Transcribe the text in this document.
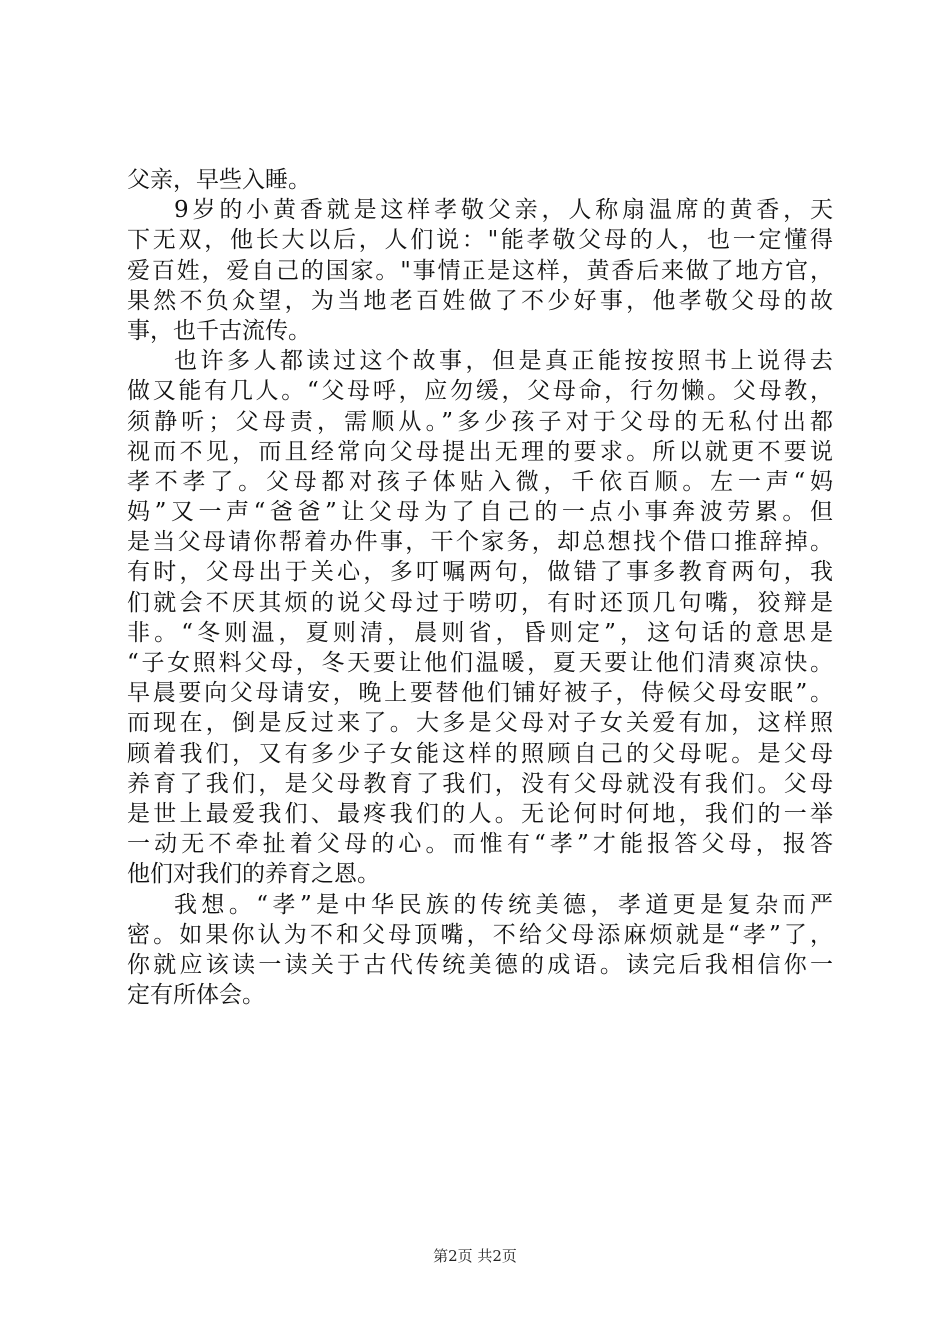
父亲，早些入睡。
9岁的小黄香就是这样孝敬父亲，人称扇温席的黄香，天
下无双，他长大以后，人们说："能孝敬父母的人，也一定懂得
爱百姓，爱自己的国家。"事情正是这样，黄香后来做了地方官，
果然不负众望，为当地老百姓做了不少好事，他孝敬父母的故
事，也千古流传。
也许多人都读过这个故事，但是真正能按按照书上说得去
做又能有几人。“父母呼，应勿缓，父母命，行勿懒。父母教，
须静听；父母责，需顺从。”多少孩子对于父母的无私付出都
视而不见，而且经常向父母提出无理的要求。所以就更不要说
孝不孝了。父母都对孩子体贴入微，千依百顺。左一声“妈
妈”又一声“爸爸”让父母为了自己的一点小事奔波劳累。但
是当父母请你帮着办件事，干个家务，却总想找个借口推辞掉。
有时，父母出于关心，多叮嘱两句，做错了事多教育两句，我
们就会不厌其烦的说父母过于唠叨，有时还顶几句嘴，狡辩是
非。“冬则温，夏则清，晨则省，昏则定”，这句话的意思是
“子女照料父母，冬天要让他们温暖，夏天要让他们清爽凉快。
早晨要向父母请安，晚上要替他们铺好被子，侍候父母安眠”。
而现在，倒是反过来了。大多是父母对子女关爱有加，这样照
顾着我们，又有多少子女能这样的照顾自己的父母呢。是父母
养育了我们，是父母教育了我们，没有父母就没有我们。父母
是世上最爱我们、最疼我们的人。无论何时何地，我们的一举
一动无不牵扯着父母的心。而惟有“孝”才能报答父母，报答
他们对我们的养育之恩。
我想。“孝”是中华民族的传统美德，孝道更是复杂而严
密。如果你认为不和父母顶嘴，不给父母添麻烦就是“孝”了，
你就应该读一读关于古代传统美德的成语。读完后我相信你一
定有所体会。
第2页 共2页
